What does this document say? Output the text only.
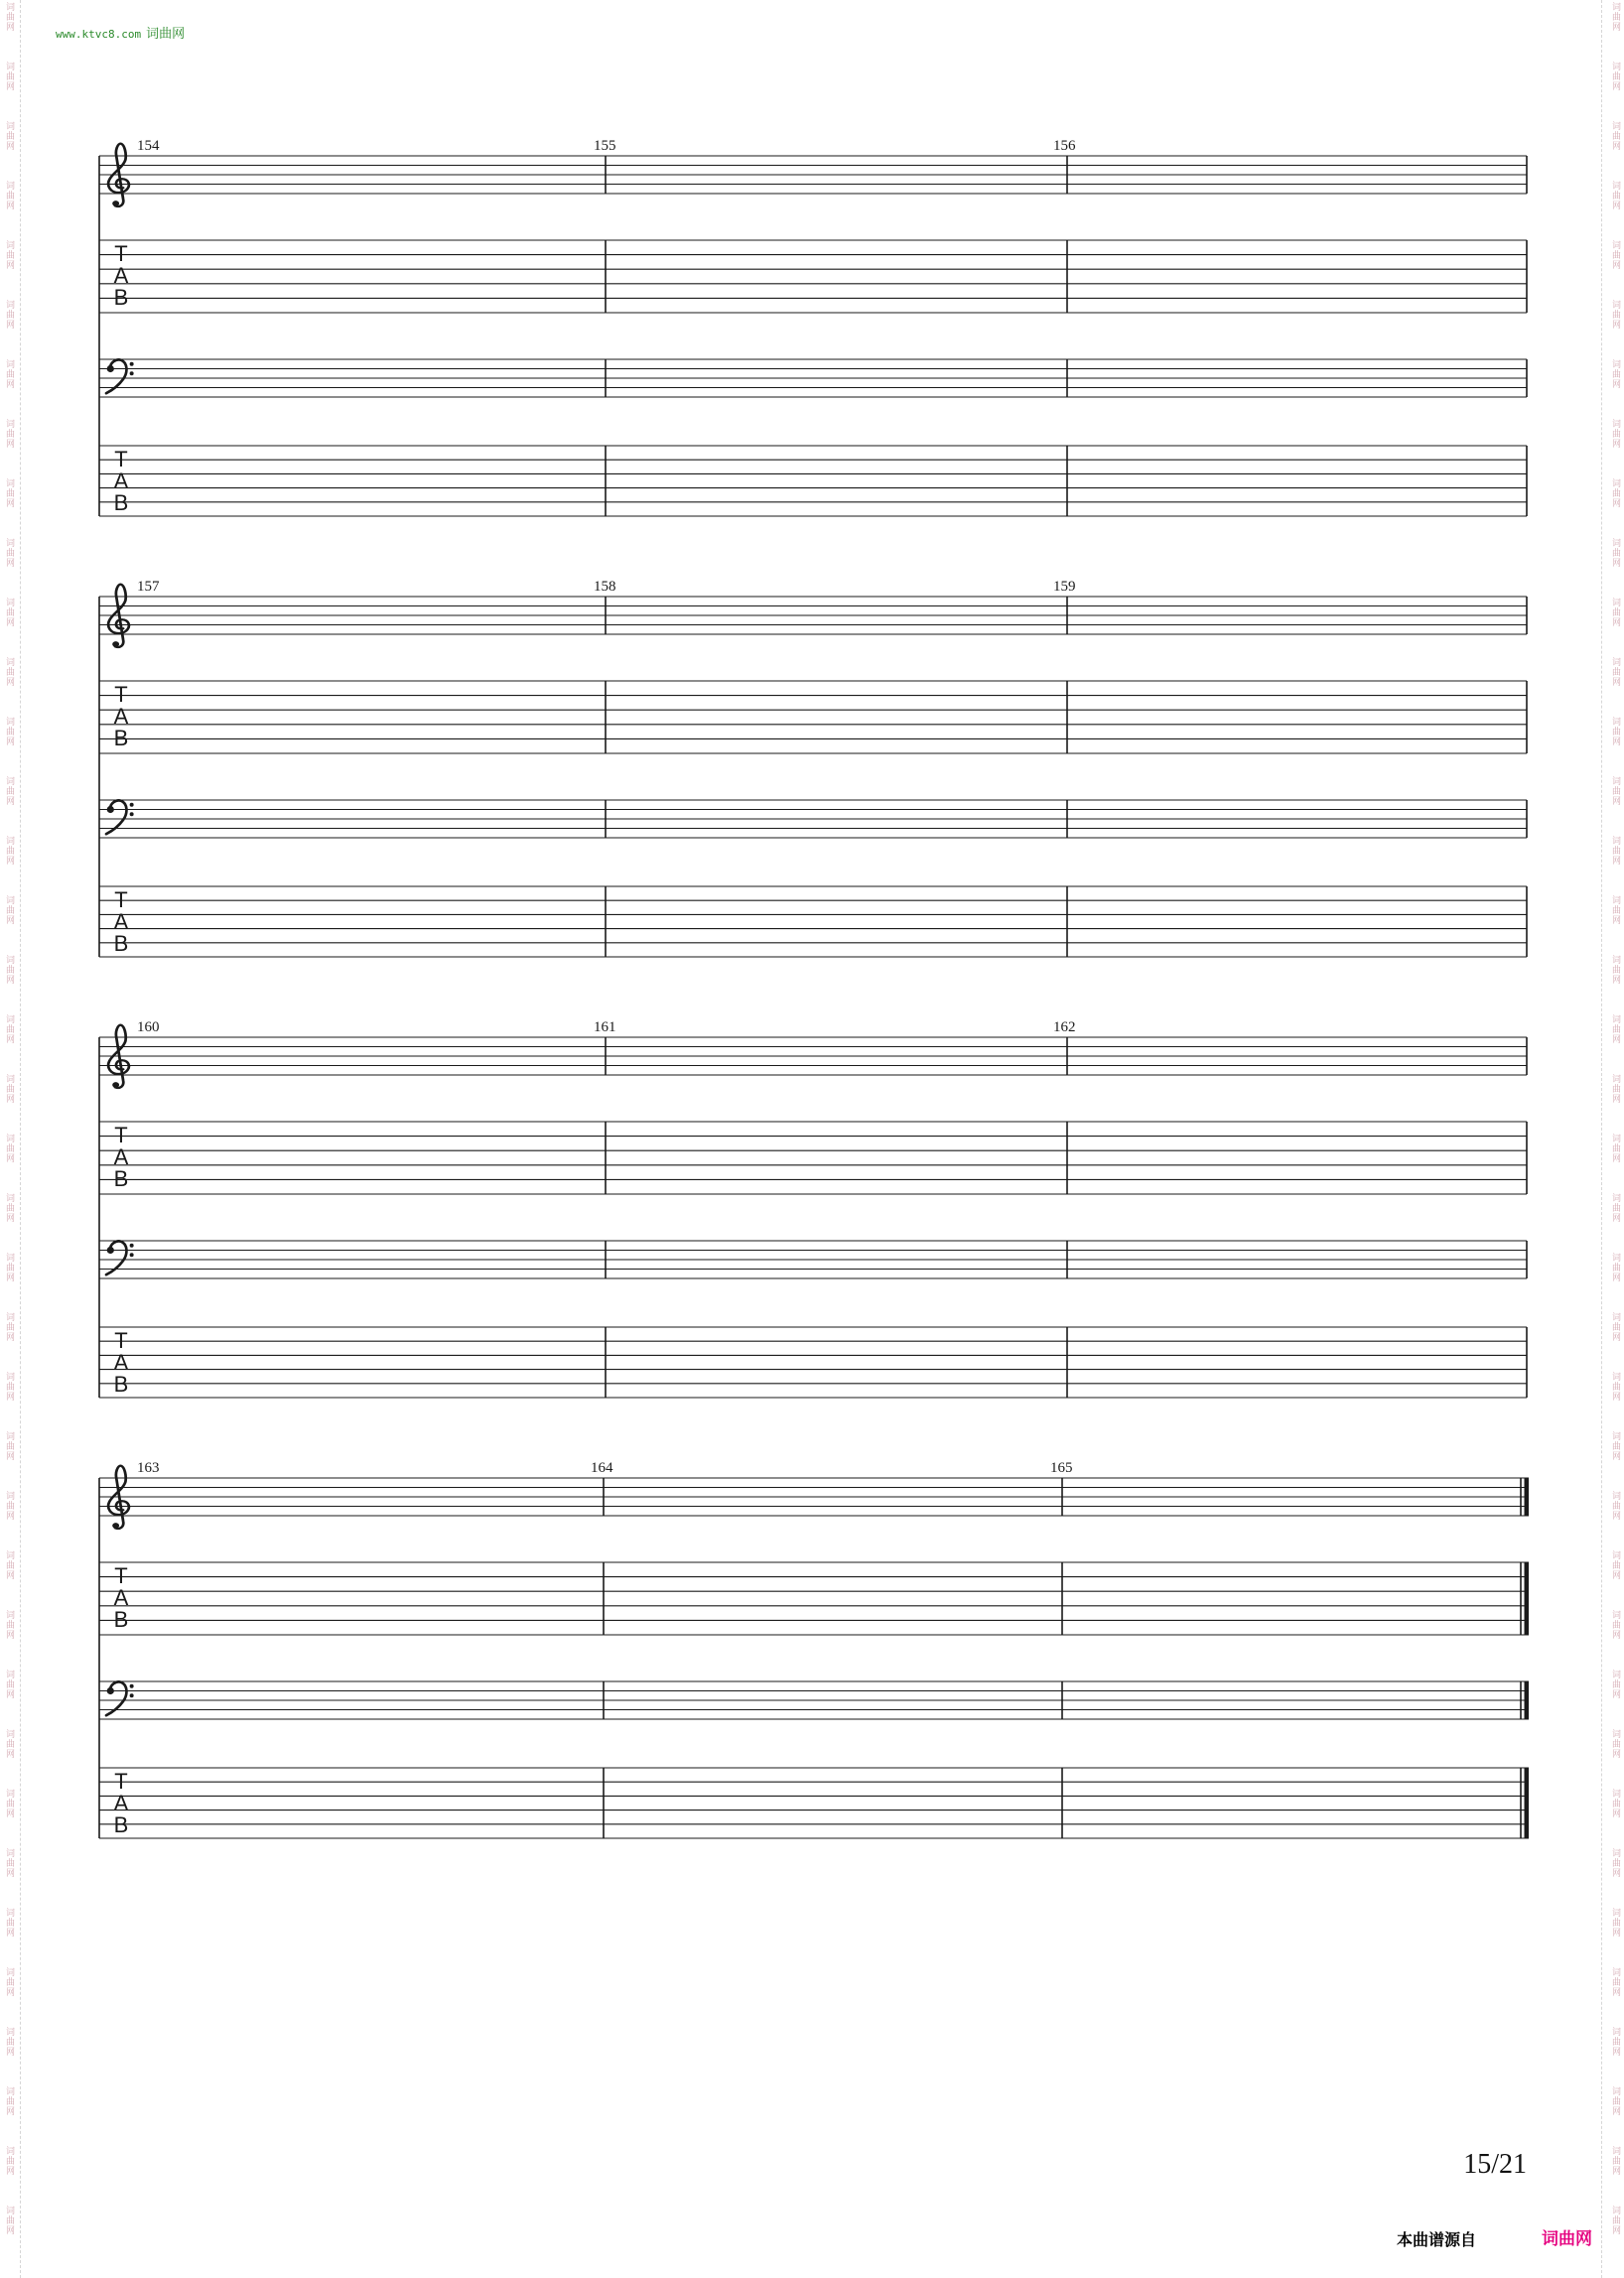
词曲网
词曲网
词曲网
词曲网
词曲网
词曲网
词曲网
词曲网
词曲网
词曲网
词曲网
词曲网
词曲网
词曲网
词曲网
词曲网
词曲网
词曲网
词曲网
词曲网
词曲网
词曲网
词曲网
词曲网
词曲网
词曲网
词曲网
词曲网
词曲网
词曲网
词曲网
词曲网
词曲网
词曲网
词曲网
词曲网
词曲网
词曲网
词曲网
词曲网
词曲网
词曲网
词曲网
词曲网
词曲网
词曲网
词曲网
词曲网
词曲网
词曲网
词曲网
词曲网
词曲网
词曲网
词曲网
词曲网
词曲网
词曲网
词曲网
词曲网
词曲网
词曲网
词曲网
词曲网
词曲网
词曲网
词曲网
词曲网
词曲网
词曲网
词曲网
词曲网
词曲网
词曲网
词曲网
词曲网
www.ktvc8.com 词曲网
T
A
B
T
A
B
154	155	156
T
A
B
T
A
B
157	158	159
T
A
B
T
A
B
160	161	162
T
A
B
T
A
B
163	164	165
15/21
本曲谱源自	词曲网
